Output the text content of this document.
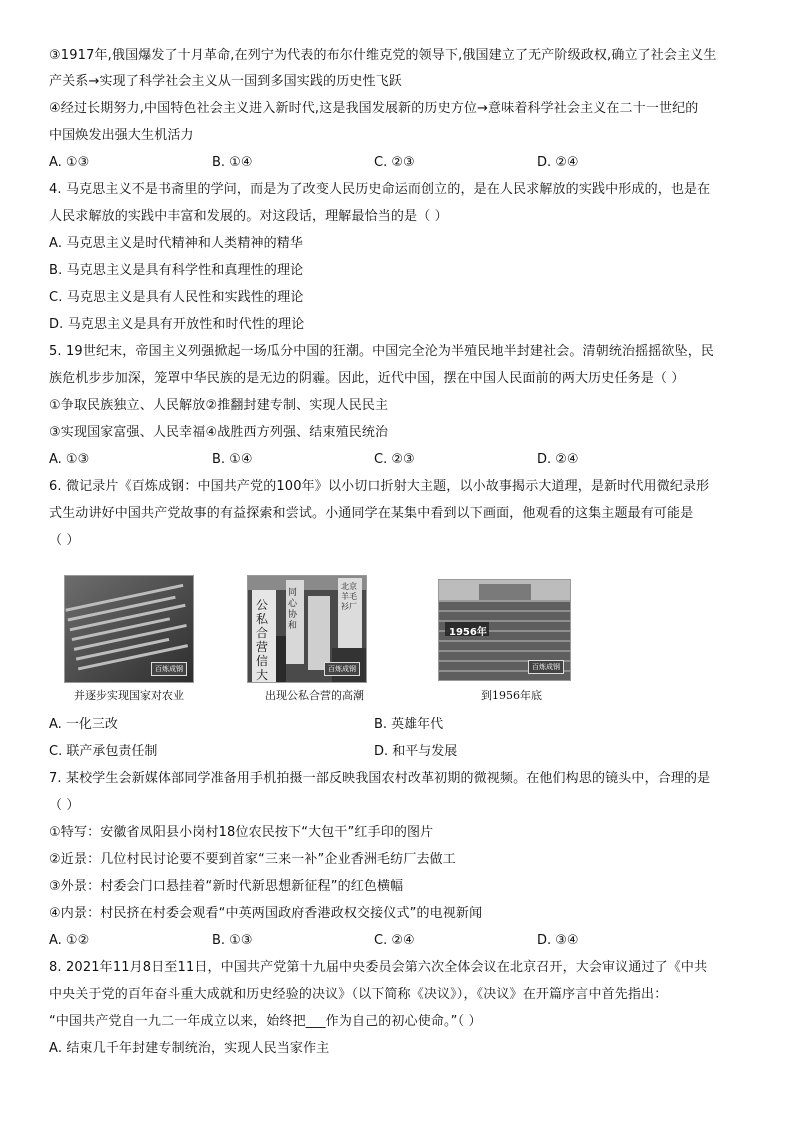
③1917年,俄国爆发了十月革命,在列宁为代表的布尔什维克党的领导下,俄国建立了无产阶级政权,确立了社会主义生
产关系→实现了科学社会主义从一国到多国实践的历史性飞跃
④经过长期努力,中国特色社会主义进入新时代,这是我国发展新的历史方位→意味着科学社会主义在二十一世纪的
中国焕发出强大生机活力
A. ①③	B. ①④	C. ②③	D. ②④
4. 马克思主义不是书斋里的学问，而是为了改变人民历史命运而创立的，是在人民求解放的实践中形成的，也是在
人民求解放的实践中丰富和发展的。对这段话，理解最恰当的是（ ）
A. 马克思主义是时代精神和人类精神的精华
B. 马克思主义是具有科学性和真理性的理论
C. 马克思主义是具有人民性和实践性的理论
D. 马克思主义是具有开放性和时代性的理论
5. 19世纪末，帝国主义列强掀起一场瓜分中国的狂潮。中国完全沦为半殖民地半封建社会。清朝统治摇摇欲坠，民
族危机步步加深，笼罩中华民族的是无边的阴霾。因此，近代中国，摆在中国人民面前的两大历史任务是（ ）
①争取民族独立、人民解放②推翻封建专制、实现人民民主
③实现国家富强、人民幸福④战胜西方列强、结束殖民统治
A. ①③	B. ①④	C. ②③	D. ②④
6. 微记录片《百炼成钢：中国共产党的100年》以小切口折射大主题，以小故事揭示大道理，是新时代用微纪录形
式生动讲好中国共产党故事的有益探索和尝试。小通同学在某集中看到以下画面，他观看的这集主题最有可能是
（ ）
百炼成钢
并逐步实现国家对农业
公私合营信大
同心协和
北京羊毛衫厂
百炼成钢
出现公私合营的高潮
1956年
百炼成钢
到1956年底
A. 一化三改	B. 英雄年代
C. 联产承包责任制	D. 和平与发展
7. 某校学生会新媒体部同学准备用手机拍摄一部反映我国农村改革初期的微视频。在他们构思的镜头中，合理的是
（ ）
①特写：安徽省凤阳县小岗村18位农民按下“大包干”红手印的图片
②近景：几位村民讨论要不要到首家“三来一补”企业香洲毛纺厂去做工
③外景：村委会门口悬挂着“新时代新思想新征程”的红色横幅
④内景：村民挤在村委会观看“中英两国政府香港政权交接仪式”的电视新闻
A. ①②	B. ①③	C. ②④	D. ③④
8. 2021年11月8日至11日，中国共产党第十九届中央委员会第六次全体会议在北京召开，大会审议通过了《中共
中央关于党的百年奋斗重大成就和历史经验的决议》（以下简称《决议》），《决议》在开篇序言中首先指出：
“中国共产党自一九二一年成立以来，始终把___作为自己的初心使命。”（ ）
A. 结束几千年封建专制统治，实现人民当家作主
